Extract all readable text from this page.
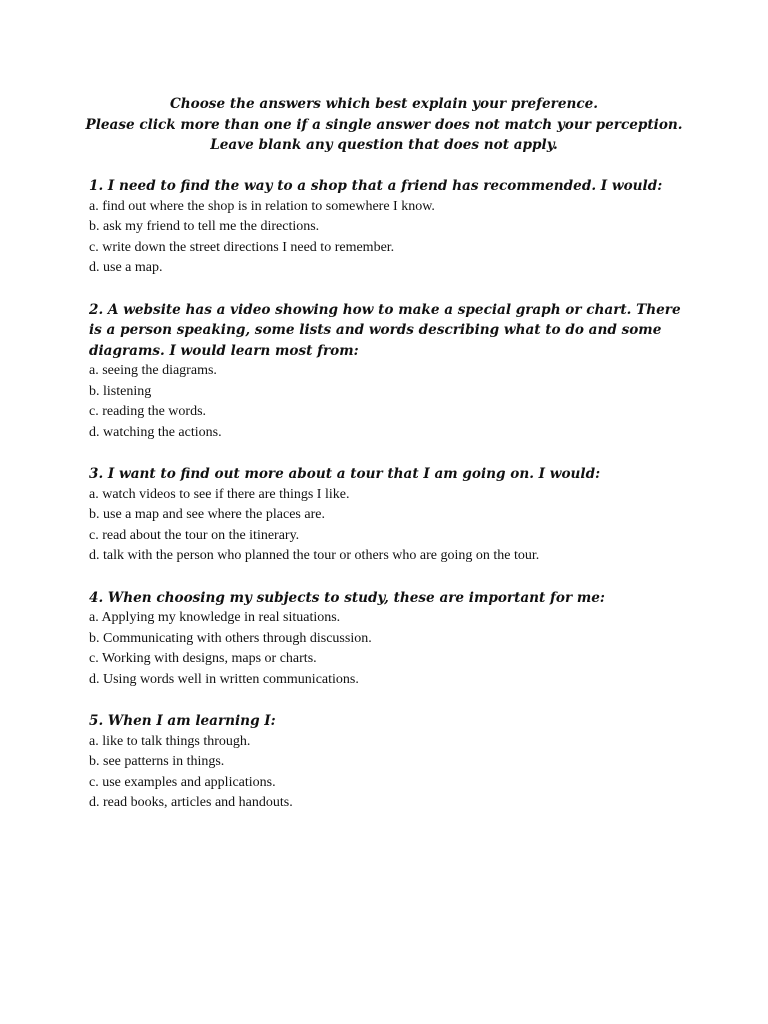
Choose the answers which best explain your preference.
Please click more than one if a single answer does not match your perception.
Leave blank any question that does not apply.
1. I need to find the way to a shop that a friend has recommended. I would:
a. find out where the shop is in relation to somewhere I know.
b. ask my friend to tell me the directions.
c. write down the street directions I need to remember.
d. use a map.
2. A website has a video showing how to make a special graph or chart. There is a person speaking, some lists and words describing what to do and some diagrams. I would learn most from:
a. seeing the diagrams.
b. listening
c. reading the words.
d. watching the actions.
3. I want to find out more about a tour that I am going on. I would:
a. watch videos to see if there are things I like.
b. use a map and see where the places are.
c. read about the tour on the itinerary.
d. talk with the person who planned the tour or others who are going on the tour.
4. When choosing my subjects to study, these are important for me:
a. Applying my knowledge in real situations.
b. Communicating with others through discussion.
c. Working with designs, maps or charts.
d. Using words well in written communications.
5. When I am learning I:
a. like to talk things through.
b. see patterns in things.
c. use examples and applications.
d. read books, articles and handouts.
